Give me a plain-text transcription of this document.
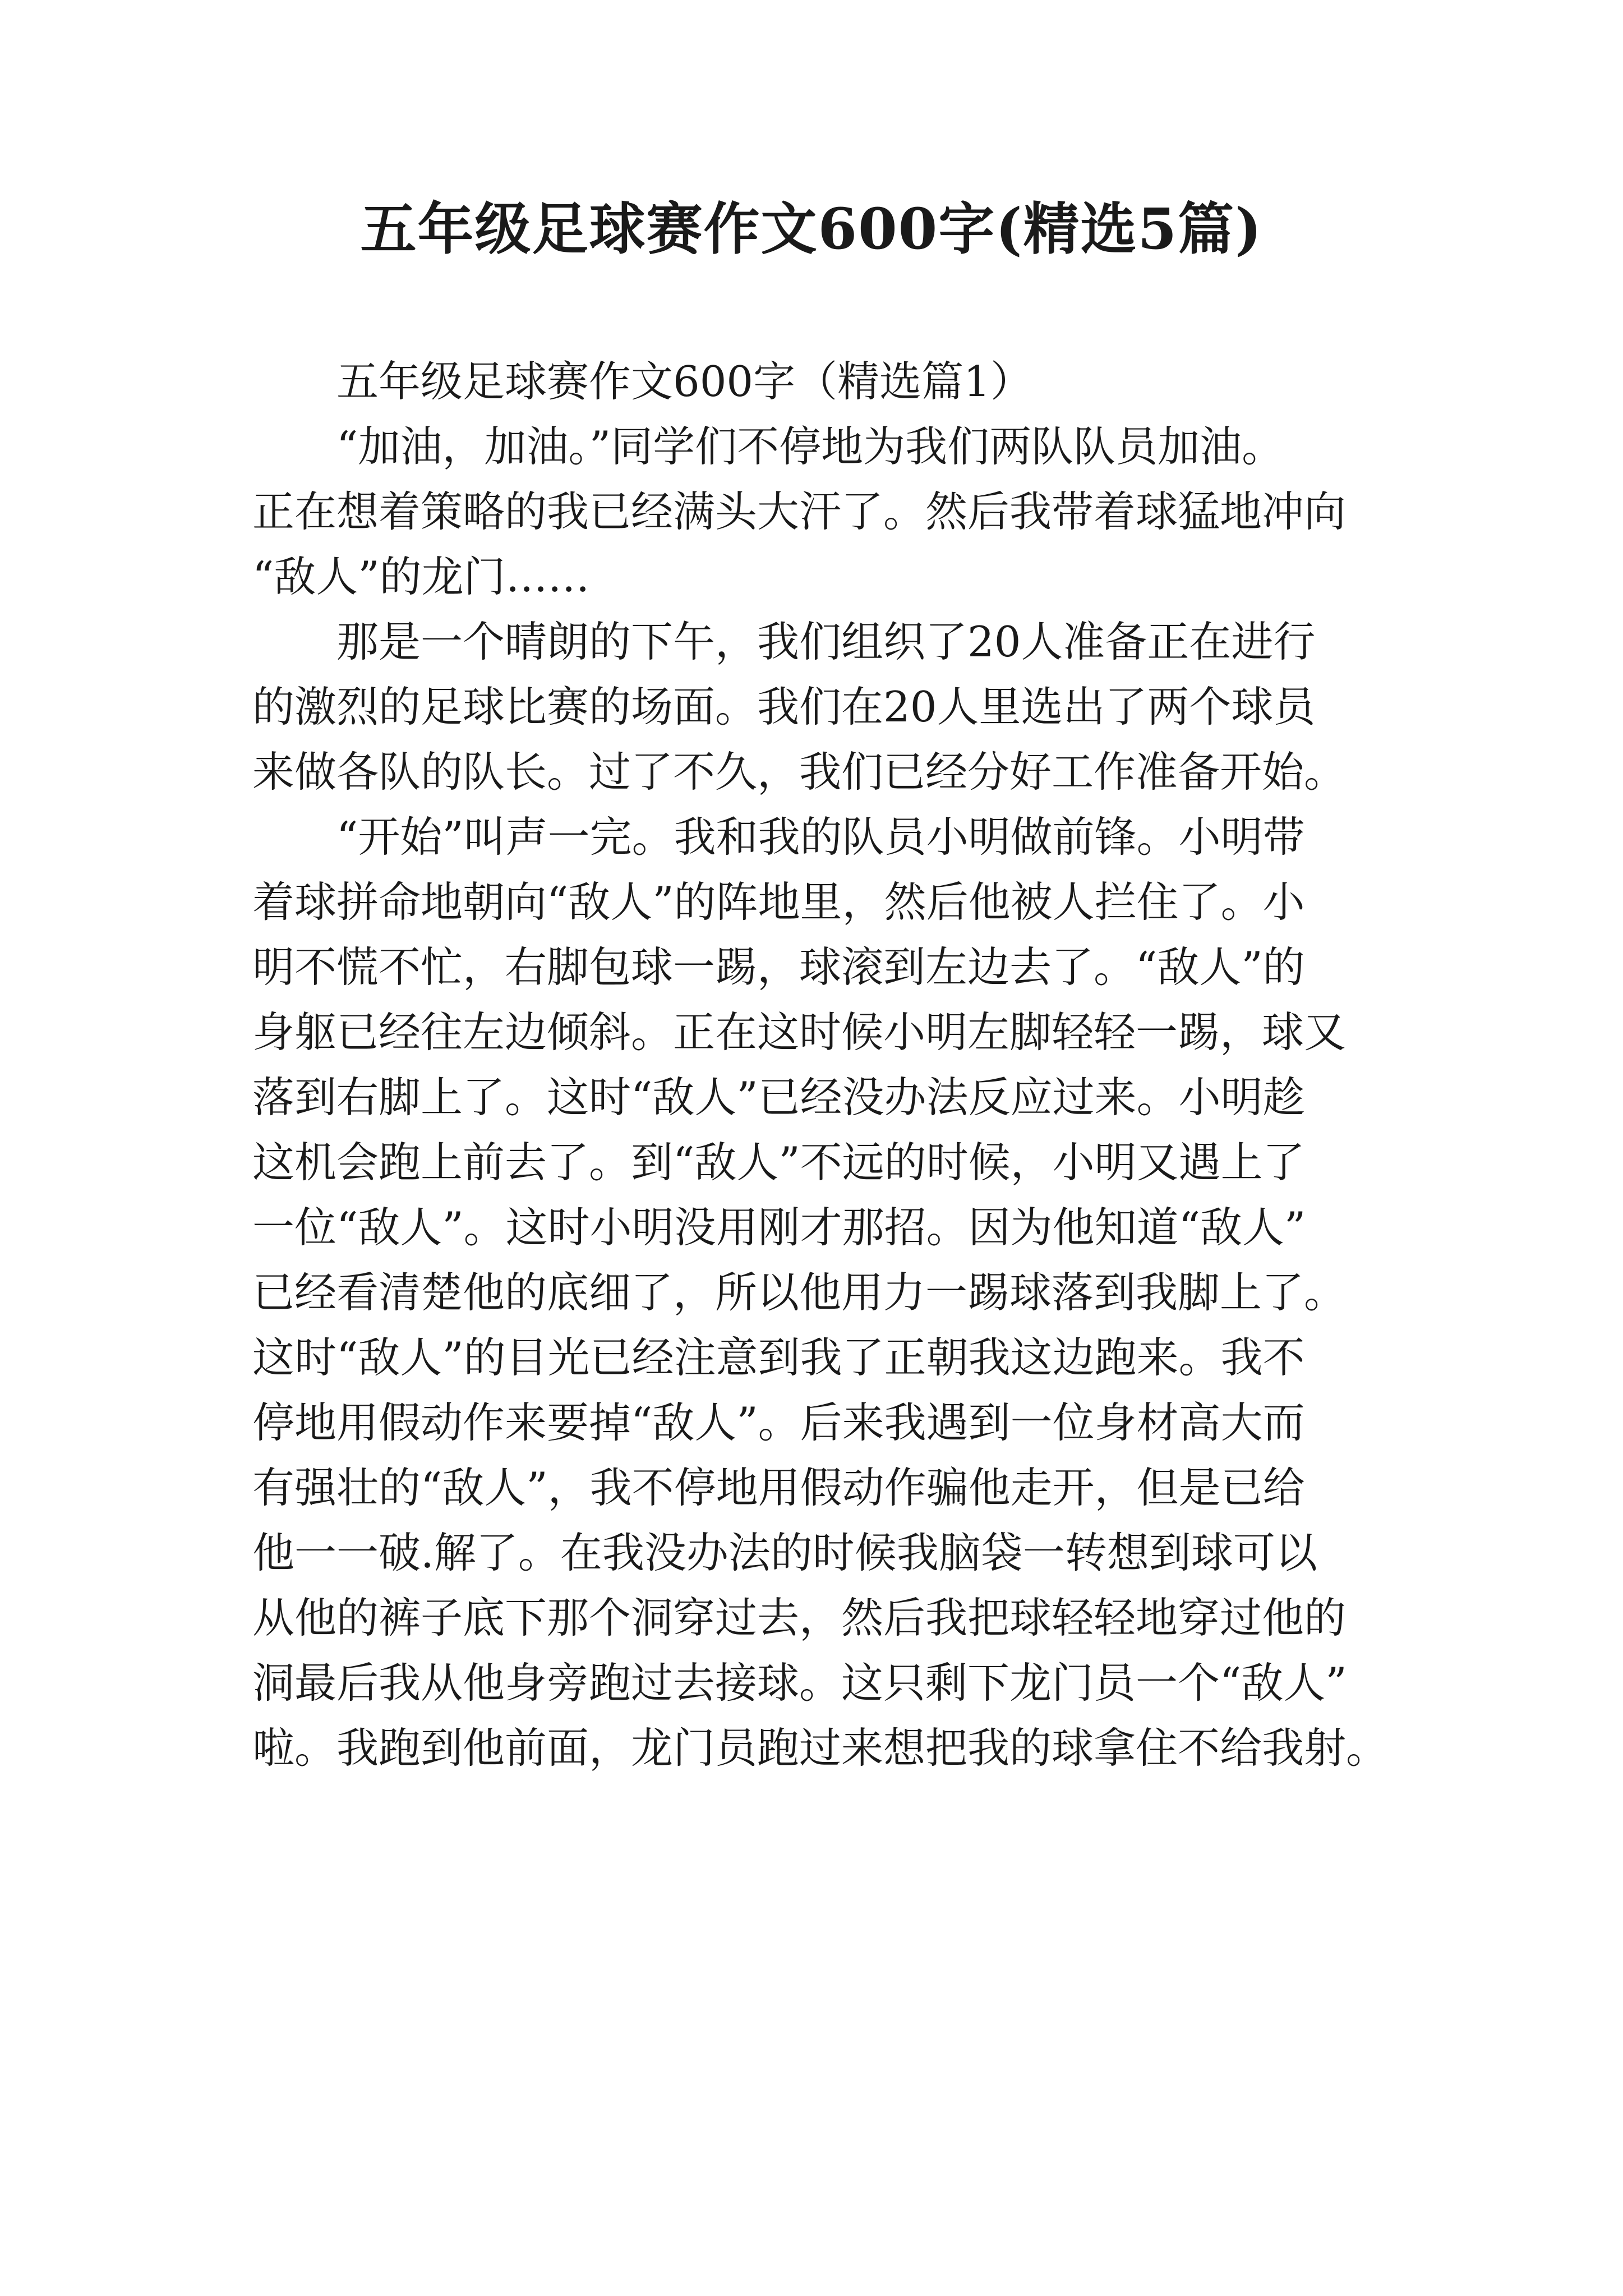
五年级足球赛作文600字(精选5篇)
五年级足球赛作文600字（精选篇1）
“加油，加油。”同学们不停地为我们两队队员加油。
正在想着策略的我已经满头大汗了。然后我带着球猛地冲向
“敌人”的龙门……
那是一个晴朗的下午，我们组织了20人准备正在进行
的激烈的足球比赛的场面。我们在20人里选出了两个球员
来做各队的队长。过了不久，我们已经分好工作准备开始。
“开始”叫声一完。我和我的队员小明做前锋。小明带
着球拼命地朝向“敌人”的阵地里，然后他被人拦住了。小
明不慌不忙，右脚包球一踢，球滚到左边去了。“敌人”的
身躯已经往左边倾斜。正在这时候小明左脚轻轻一踢，球又
落到右脚上了。这时“敌人”已经没办法反应过来。小明趁
这机会跑上前去了。到“敌人”不远的时候，小明又遇上了
一位“敌人”。这时小明没用刚才那招。因为他知道“敌人”
已经看清楚他的底细了，所以他用力一踢球落到我脚上了。
这时“敌人”的目光已经注意到我了正朝我这边跑来。我不
停地用假动作来要掉“敌人”。后来我遇到一位身材高大而
有强壮的“敌人”，我不停地用假动作骗他走开，但是已给
他一一破.解了。在我没办法的时候我脑袋一转想到球可以
从他的裤子底下那个洞穿过去，然后我把球轻轻地穿过他的
洞最后我从他身旁跑过去接球。这只剩下龙门员一个“敌人”
啦。我跑到他前面，龙门员跑过来想把我的球拿住不给我射。
